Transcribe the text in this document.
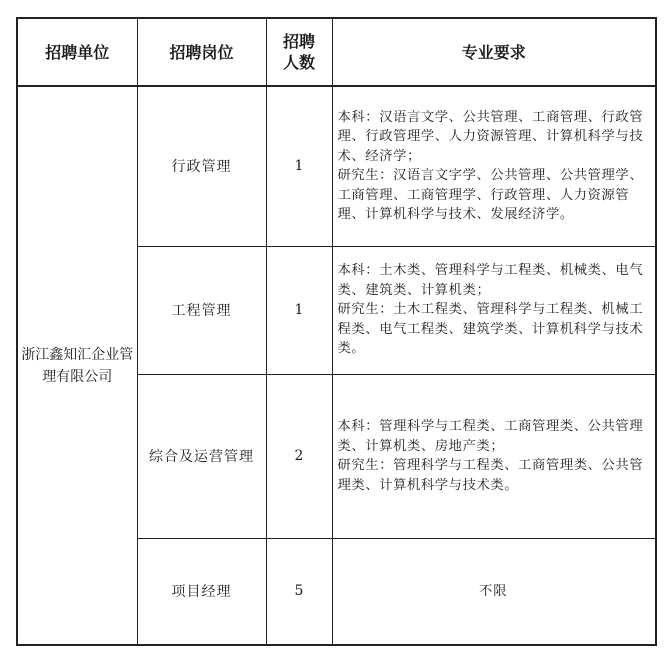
招聘单位	招聘岗位	招聘人数	专业要求
浙江鑫知汇企业管理有限公司	行政管理	1	本科：汉语言文学、公共管理、工商管理、行政管理、行政管理学、人力资源管理、计算机科学与技术、经济学；
研究生：汉语言文字学、公共管理、公共管理学、工商管理、工商管理学、行政管理、人力资源管理、计算机科学与技术、发展经济学。

	工程管理	1	本科：土木类、管理科学与工程类、机械类、电气类、建筑类、计算机类；
研究生：土木工程类、管理科学与工程类、机械工程类、电气工程类、建筑学类、计算机科学与技术类。

	综合及运营管理	2	本科：管理科学与工程类、工商管理类、公共管理类、计算机类、房地产类；
研究生：管理科学与工程类、工商管理类、公共管理类、计算机科学与技术类。

	项目经理	5	不限
